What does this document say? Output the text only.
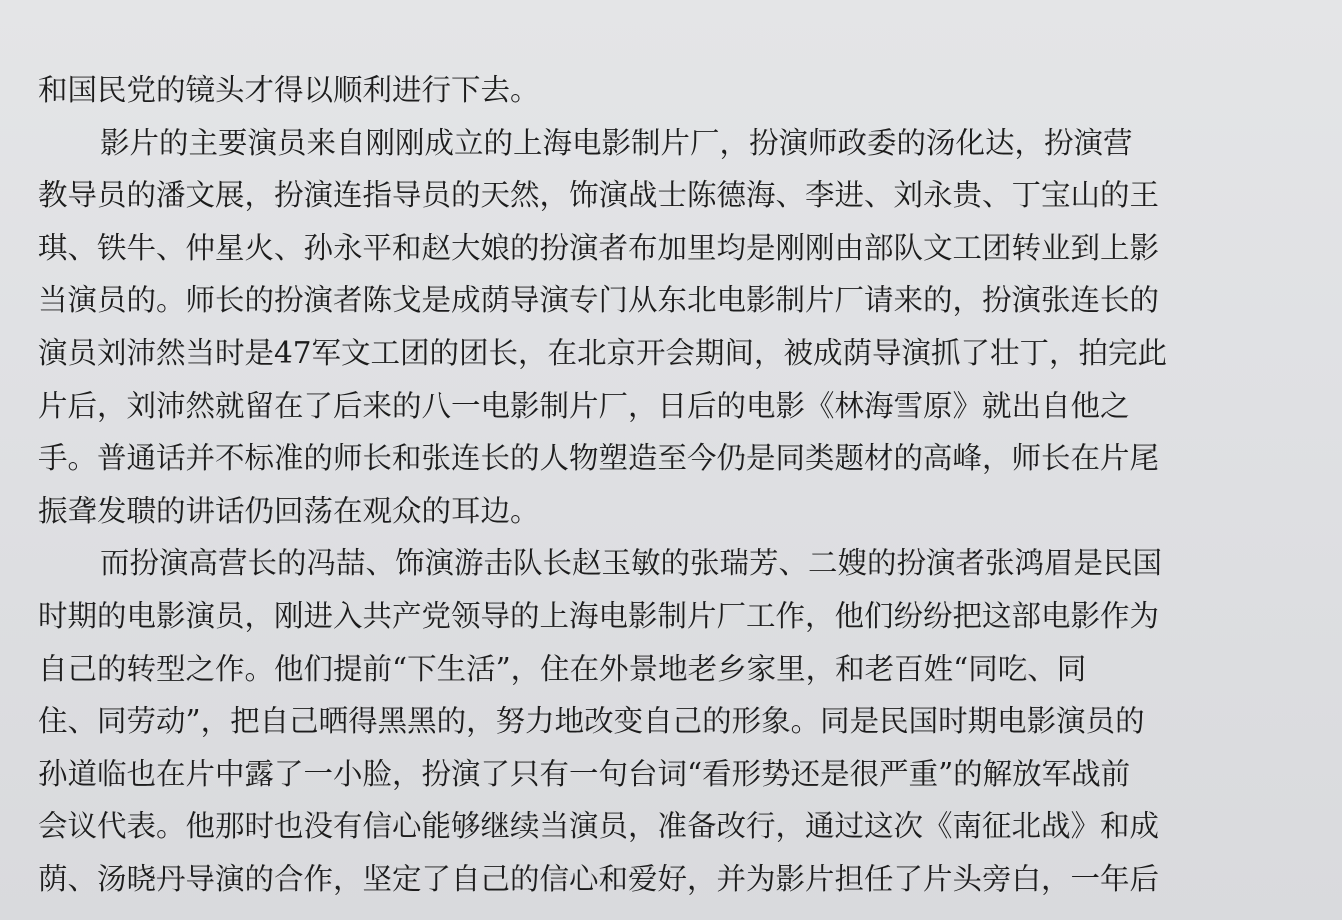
和国民党的镜头才得以顺利进行下去。
影片的主要演员来自刚刚成立的上海电影制片厂，扮演师政委的汤化达，扮演营
教导员的潘文展，扮演连指导员的天然，饰演战士陈德海、李进、刘永贵、丁宝山的王
琪、铁牛、仲星火、孙永平和赵大娘的扮演者布加里均是刚刚由部队文工团转业到上影
当演员的。师长的扮演者陈戈是成荫导演专门从东北电影制片厂请来的，扮演张连长的
演员刘沛然当时是47军文工团的团长，在北京开会期间，被成荫导演抓了壮丁，拍完此
片后，刘沛然就留在了后来的八一电影制片厂，日后的电影《林海雪原》就出自他之
手。普通话并不标准的师长和张连长的人物塑造至今仍是同类题材的高峰，师长在片尾
振聋发聩的讲话仍回荡在观众的耳边。
而扮演高营长的冯喆、饰演游击队长赵玉敏的张瑞芳、二嫂的扮演者张鸿眉是民国
时期的电影演员，刚进入共产党领导的上海电影制片厂工作，他们纷纷把这部电影作为
自己的转型之作。他们提前“下生活”，住在外景地老乡家里，和老百姓“同吃、同
住、同劳动”，把自己晒得黑黑的，努力地改变自己的形象。同是民国时期电影演员的
孙道临也在片中露了一小脸，扮演了只有一句台词“看形势还是很严重”的解放军战前
会议代表。他那时也没有信心能够继续当演员，准备改行，通过这次《南征北战》和成
荫、汤晓丹导演的合作，坚定了自己的信心和爱好，并为影片担任了片头旁白，一年后
